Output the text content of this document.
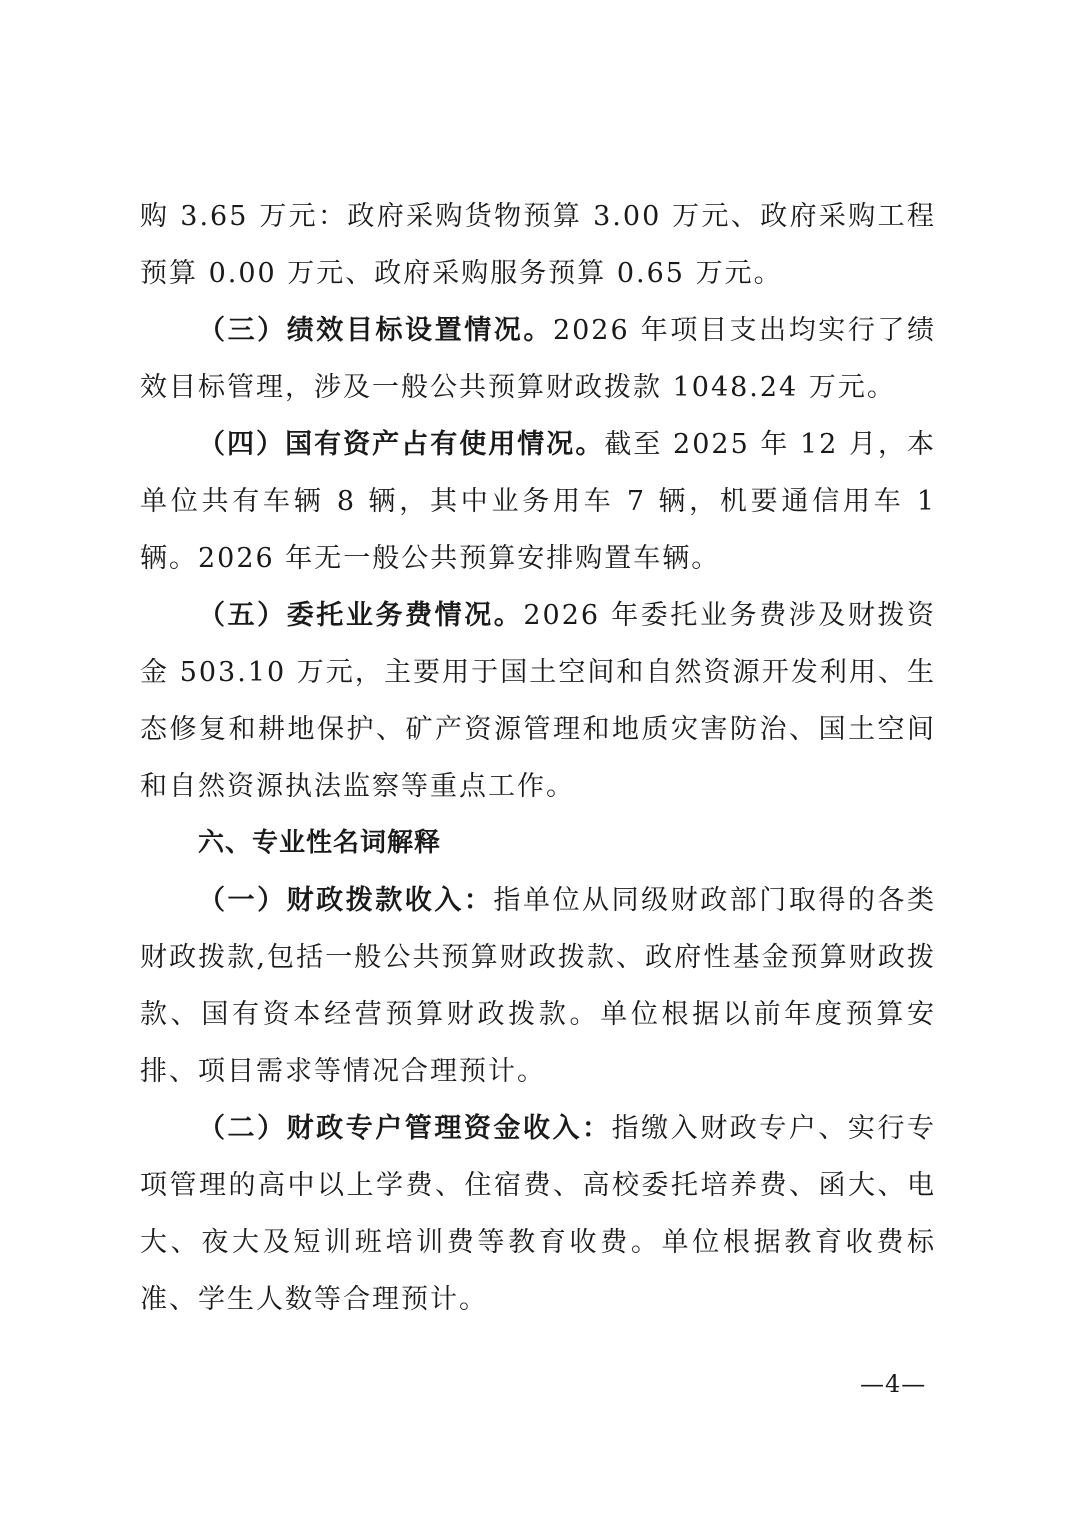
购 3.65 万元：政府采购货物预算 3.00 万元、政府采购工程预算 0.00 万元、政府采购服务预算 0.65 万元。

（三）绩效目标设置情况。2026 年项目支出均实行了绩效目标管理，涉及一般公共预算财政拨款 1048.24 万元。

（四）国有资产占有使用情况。截至 2025 年 12 月，本单位共有车辆 8 辆，其中业务用车 7 辆，机要通信用车 1 辆。2026 年无一般公共预算安排购置车辆。

（五）委托业务费情况。2026 年委托业务费涉及财拨资金 503.10 万元，主要用于国土空间和自然资源开发利用、生态修复和耕地保护、矿产资源管理和地质灾害防治、国土空间和自然资源执法监察等重点工作。

六、专业性名词解释

（一）财政拨款收入：指单位从同级财政部门取得的各类财政拨款,包括一般公共预算财政拨款、政府性基金预算财政拨款、国有资本经营预算财政拨款。单位根据以前年度预算安排、项目需求等情况合理预计。

（二）财政专户管理资金收入：指缴入财政专户、实行专项管理的高中以上学费、住宿费、高校委托培养费、函大、电大、夜大及短训班培训费等教育收费。单位根据教育收费标准、学生人数等合理预计。

—4—
